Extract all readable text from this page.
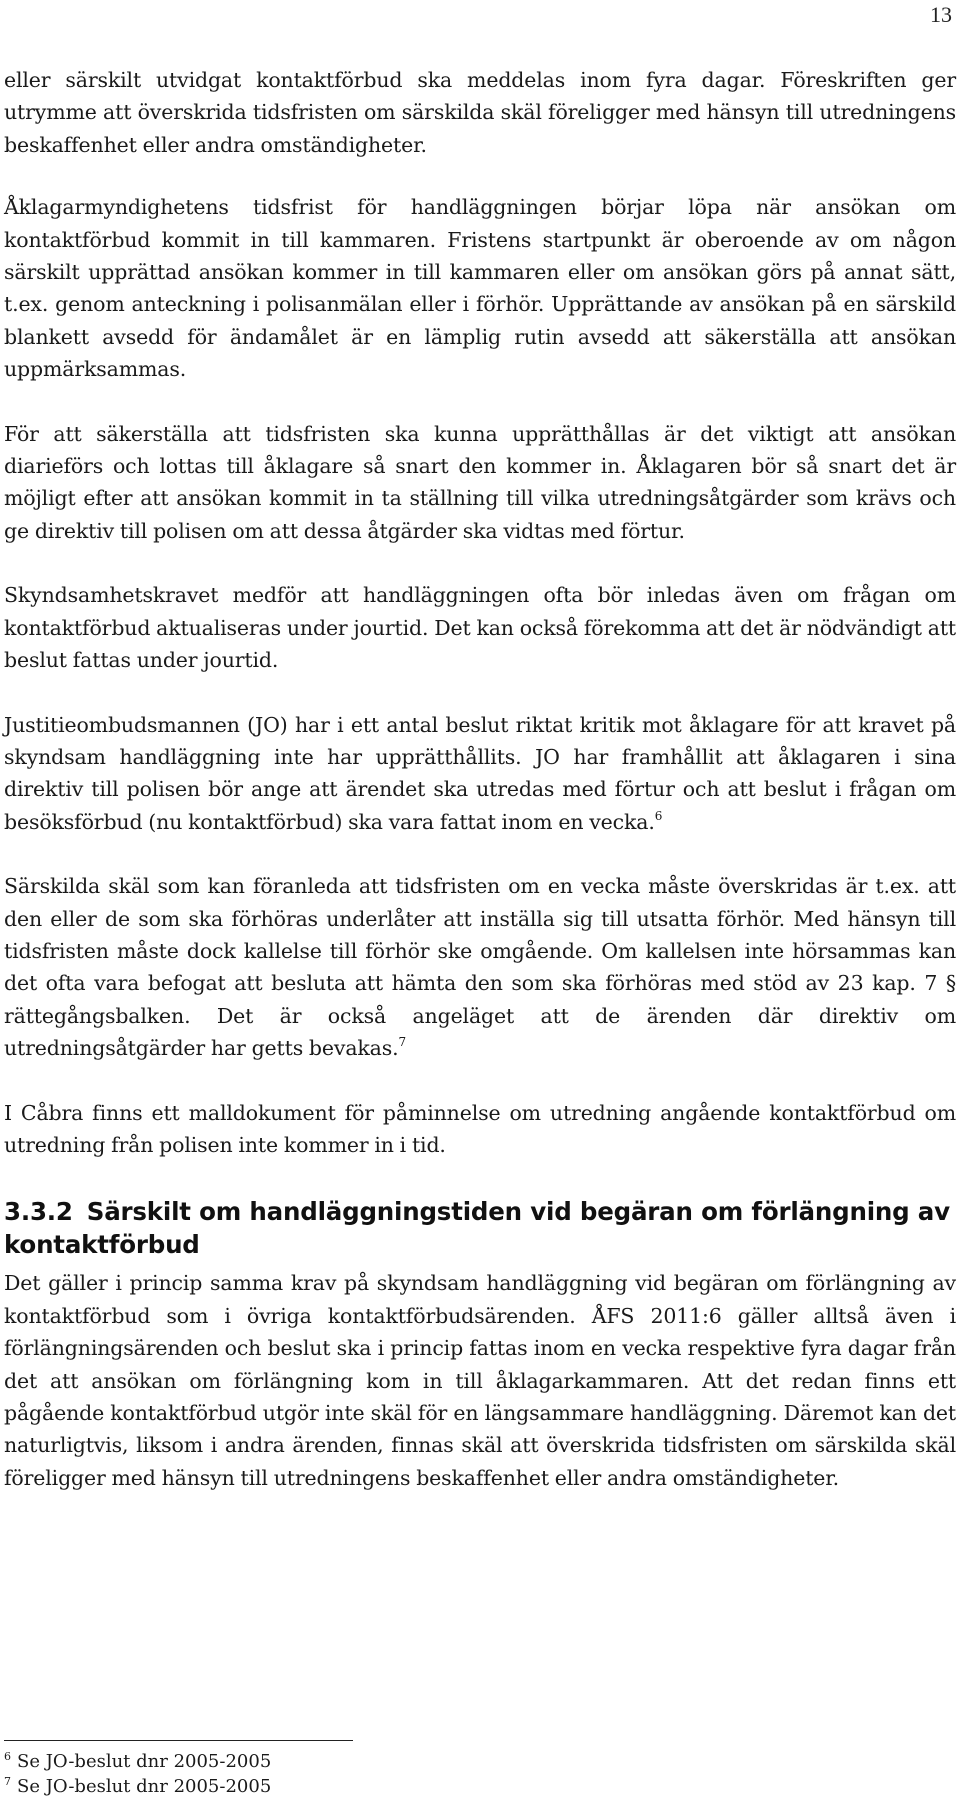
13

eller särskilt utvidgat kontaktförbud ska meddelas inom fyra dagar. Föreskriften ger utrymme att överskrida tidsfristen om särskilda skäl föreligger med hänsyn till utredningens beskaffenhet eller andra omständigheter.

Åklagarmyndighetens tidsfrist för handläggningen börjar löpa när ansökan om kontaktförbud kommit in till kammaren. Fristens startpunkt är oberoende av om någon särskilt upprättad ansökan kommer in till kammaren eller om ansökan görs på annat sätt, t.ex. genom anteckning i polisanmälan eller i förhör. Upprättande av ansökan på en särskild blankett avsedd för ändamålet är en lämplig rutin avsedd att säkerställa att ansökan uppmärksammas.

För att säkerställa att tidsfristen ska kunna upprätthållas är det viktigt att ansökan diarieförs och lottas till åklagare så snart den kommer in. Åklagaren bör så snart det är möjligt efter att ansökan kommit in ta ställning till vilka utredningsåtgärder som krävs och ge direktiv till polisen om att dessa åtgärder ska vidtas med förtur.

Skyndsamhetskravet medför att handläggningen ofta bör inledas även om frågan om kontaktförbud aktualiseras under jourtid. Det kan också förekomma att det är nödvändigt att beslut fattas under jourtid.

Justitieombudsmannen (JO) har i ett antal beslut riktat kritik mot åklagare för att kravet på skyndsam handläggning inte har upprätthållits. JO har framhållit att åklagaren i sina direktiv till polisen bör ange att ärendet ska utredas med förtur och att beslut i frågan om besöksförbud (nu kontaktförbud) ska vara fattat inom en vecka.$^6$

Särskilda skäl som kan föranleda att tidsfristen om en vecka måste överskridas är t.ex. att den eller de som ska förhöras underlåter att inställa sig till utsatta förhör. Med hänsyn till tidsfristen måste dock kallelse till förhör ske omgående. Om kallelsen inte hörsammas kan det ofta vara befogat att besluta att hämta den som ska förhöras med stöd av 23 kap. 7 § rättegångsbalken. Det är också angeläget att de ärenden där direktiv om utredningsåtgärder har getts bevakas.$^7$

I Cåbra finns ett malldokument för påminnelse om utredning angående kontaktförbud om utredning från polisen inte kommer in i tid.

3.3.2 Särskilt om handläggningstiden vid begäran om förlängning av kontaktförbud

Det gäller i princip samma krav på skyndsam handläggning vid begäran om förlängning av kontaktförbud som i övriga kontaktförbudsärenden. ÅFS 2011:6 gäller alltså även i förlängningsärenden och beslut ska i princip fattas inom en vecka respektive fyra dagar från det att ansökan om förlängning kom in till åklagarkammaren. Att det redan finns ett pågående kontaktförbud utgör inte skäl för en längsammare handläggning. Däremot kan det naturligtvis, liksom i andra ärenden, finnas skäl att överskrida tidsfristen om särskilda skäl föreligger med hänsyn till utredningens beskaffenhet eller andra omständigheter.

$^6$ Se JO-beslut dnr 2005-2005
$^7$ Se JO-beslut dnr 2005-2005
